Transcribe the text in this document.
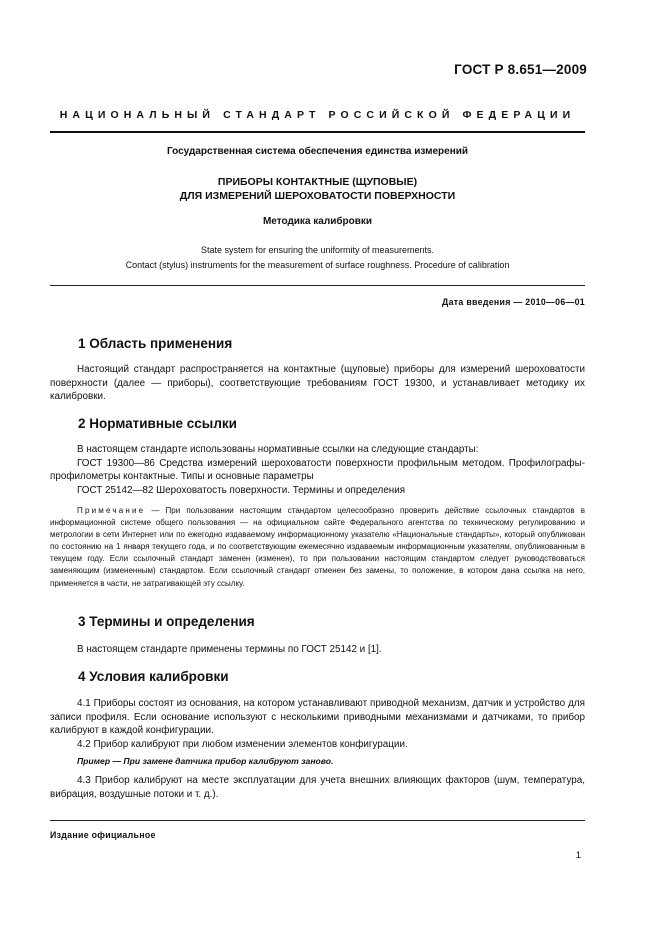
ГОСТ Р 8.651—2009
НАЦИОНАЛЬНЫЙ СТАНДАРТ РОССИЙСКОЙ ФЕДЕРАЦИИ
Государственная система обеспечения единства измерений
ПРИБОРЫ КОНТАКТНЫЕ (ЩУПОВЫЕ)
ДЛЯ ИЗМЕРЕНИЙ ШЕРОХОВАТОСТИ ПОВЕРХНОСТИ
Методика калибровки
State system for ensuring the uniformity of measurements.
Contact (stylus) instruments for the measurement of surface roughness. Procedure of calibration
Дата введения — 2010—06—01
1 Область применения

Настоящий стандарт распространяется на контактные (щуповые) приборы для измерений шероховатости поверхности (далее — приборы), соответствующие требованиям ГОСТ 19300, и устанавливает методику их калибровки.

2 Нормативные ссылки

В настоящем стандарте использованы нормативные ссылки на следующие стандарты:

ГОСТ 19300—86 Средства измерений шероховатости поверхности профильным методом. Профилографы-профилометры контактные. Типы и основные параметры

ГОСТ 25142—82 Шероховатость поверхности. Термины и определения

Примечание — При пользовании настоящим стандартом целесообразно проверить действие ссылочных стандартов в информационной системе общего пользования — на официальном сайте Федерального агентства по техническому регулированию и метрологии в сети Интернет или по ежегодно издаваемому информационному указателю «Национальные стандарты», который опубликован по состоянию на 1 января текущего года, и по соответствующим ежемесячно издаваемым информационным указателям, опубликованным в текущем году. Если ссылочный стандарт заменен (изменен), то при пользовании настоящим стандартом следует руководствоваться заменяющим (измененным) стандартом. Если ссылочный стандарт отменен без замены, то положение, в котором дана ссылка на него, применяется в части, не затрагивающей эту ссылку.

3 Термины и определения

В настоящем стандарте применены термины по ГОСТ 25142 и [1].

4 Условия калибровки

4.1 Приборы состоят из основания, на котором устанавливают приводной механизм, датчик и устройство для записи профиля. Если основание используют с несколькими приводными механизмами и датчиками, то прибор калибруют в каждой конфигурации.

4.2 Прибор калибруют при любом изменении элементов конфигурации.

Пример — При замене датчика прибор калибруют заново.

4.3 Прибор калибруют на месте эксплуатации для учета внешних влияющих факторов (шум, температура, вибрация, воздушные потоки и т. д.).

Издание официальное
1
